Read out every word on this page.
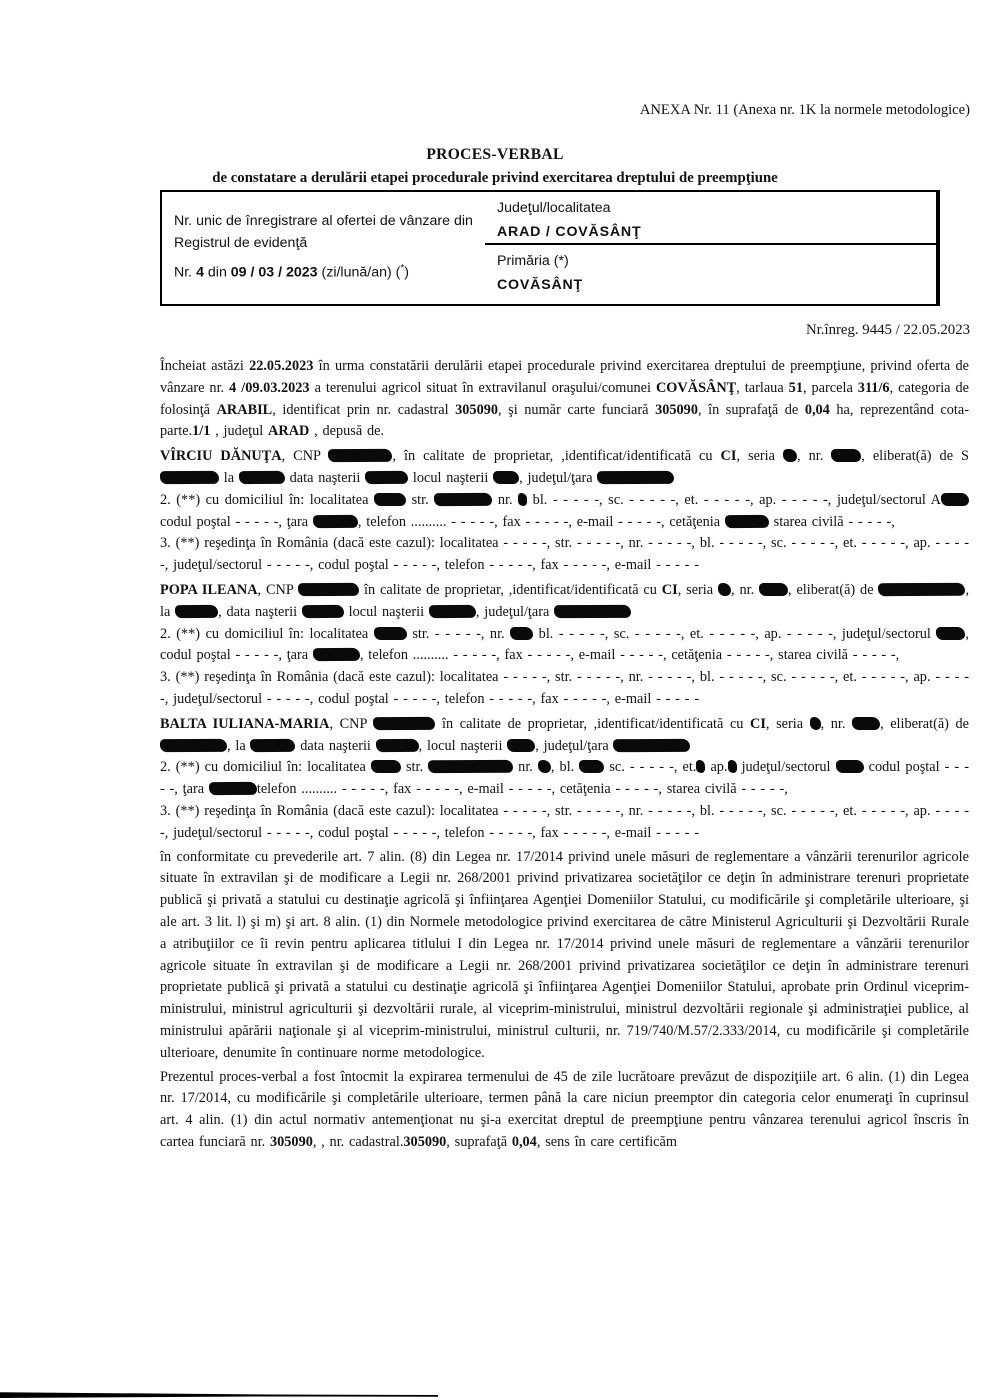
ANEXA Nr. 11 (Anexa nr. 1K la normele metodologice)
PROCES-VERBAL
de constatare a derulării etapei procedurale privind exercitarea dreptului de preempţiune
Judeţul/localitatea
ARAD / COVĂSÂNŢ
Nr. unic de înregistrare al ofertei de vânzare din Registrul de evidenţă
Nr. 4 din 09 / 03 / 2023 (zi/lună/an) (*)
Primăria (*)
COVĂSÂNŢ
Nr.înreg. 9445 / 22.05.2023

Încheiat astăzi 22.05.2023 în urma constatării derulării etapei procedurale privind exercitarea dreptului de preempţiune, privind oferta de vânzare nr. 4 /09.03.2023 a terenului agricol situat în extravilanul oraşului/comunei COVĂSÂNŢ, tarlaua 51, parcela 311/6, categoria de folosinţă ARABIL, identificat prin nr. cadastral 305090, şi număr carte funciară 305090, în suprafaţă de 0,04 ha, reprezentând cota-parte.1/1 , judeţul ARAD , depusă de.

VÎRCIU DĂNUŢA, CNP	, în calitate de proprietar, ,identificat/identificată cu CI, seria , nr. , eliberat(ă) de S la	data naşterii	locul naşterii , judeţul/ţara

2. (**) cu domiciliul în: localitatea  str.	nr.  bl. - - - - -, sc. - - - - -, et. - - - - -, ap. - - - - -, judeţul/sectorul A codul poştal - - - - -, ţara	, telefon .......... - - - - -, fax - - - - -, e-mail - - - - -, cetăţenia	starea civilă - - - - -,

3. (**) reşedinţa în România (dacă este cazul): localitatea - - - - -, str. - - - - -, nr. - - - - -, bl. - - - - -, sc. - - - - -, et. - - - - -, ap. - - - - -, judeţul/sectorul - - - - -, codul poştal - - - - -, telefon - - - - -, fax - - - - -, e-mail - - - - -

POPA ILEANA, CNP	în calitate de proprietar, ,identificat/identificată cu CI, seria , nr. , eliberat(ă) de	, la	, data naşterii	locul naşterii	, judeţul/ţara

2. (**) cu domiciliul în: localitatea  str. - - - - -, nr.  bl. - - - - -, sc. - - - - -, et. - - - - -, ap. - - - - -, judeţul/sectorul , codul poştal - - - - -, ţara	, telefon .......... - - - - -, fax - - - - -, e-mail - - - - -, cetăţenia - - - - -, starea civilă - - - - -,

3. (**) reşedinţa în România (dacă este cazul): localitatea - - - - -, str. - - - - -, nr. - - - - -, bl. - - - - -, sc. - - - - -, et. - - - - -, ap. - - - - -, judeţul/sectorul - - - - -, codul poştal - - - - -, telefon - - - - -, fax - - - - -, e-mail - - - - -

BALTA IULIANA-MARIA, CNP	în calitate de proprietar, ,identificat/identificată cu CI, seria , nr. , eliberat(ă) de , la	data naşterii	, locul naşterii , judeţul/ţara

2. (**) cu domiciliul în: localitatea  str.	nr. , bl.  sc. - - - - -, et. ap. judeţul/sectorul  codul poştal - - - - -, ţara	telefon .......... - - - - -, fax - - - - -, e-mail - - - - -, cetăţenia - - - - -, starea civilă - - - - -,

3. (**) reşedinţa în România (dacă este cazul): localitatea - - - - -, str. - - - - -, nr. - - - - -, bl. - - - - -, sc. - - - - -, et. - - - - -, ap. - - - - -, judeţul/sectorul - - - - -, codul poştal - - - - -, telefon - - - - -, fax - - - - -, e-mail - - - - -

în conformitate cu prevederile art. 7 alin. (8) din Legea nr. 17/2014 privind unele măsuri de reglementare a vânzării terenurilor agricole situate în extravilan şi de modificare a Legii nr. 268/2001 privind privatizarea societăţilor ce deţin în administrare terenuri proprietate publică şi privată a statului cu destinaţie agricolă şi înfiinţarea Agenţiei Domeniilor Statului, cu modificările şi completările ulterioare, şi ale art. 3 lit. l) şi m) şi art. 8 alin. (1) din Normele metodologice privind exercitarea de către Ministerul Agriculturii şi Dezvoltării Rurale a atribuţiilor ce îi revin pentru aplicarea titlului I din Legea nr. 17/2014 privind unele măsuri de reglementare a vânzării terenurilor agricole situate în extravilan şi de modificare a Legii nr. 268/2001 privind privatizarea societăţilor ce deţin în administrare terenuri proprietate publică şi privată a statului cu destinaţie agricolă şi înfiinţarea Agenţiei Domeniilor Statului, aprobate prin Ordinul viceprim-ministrului, ministrul agriculturii şi dezvoltării rurale, al viceprim-ministrului, ministrul dezvoltării regionale şi administraţiei publice, al ministrului apărării naţionale şi al viceprim-ministrului, ministrul culturii, nr. 719/740/M.57/2.333/2014, cu modificările şi completările ulterioare, denumite în continuare norme metodologice.

Prezentul proces-verbal a fost întocmit la expirarea termenului de 45 de zile lucrătoare prevăzut de dispoziţiile art. 6 alin. (1) din Legea nr. 17/2014, cu modificările şi completările ulterioare, termen până la care niciun preemptor din categoria celor enumeraţi în cuprinsul art. 4 alin. (1) din actul normativ antemenţionat nu şi-a exercitat dreptul de preempţiune pentru vânzarea terenului agricol înscris în cartea funciară nr. 305090, , nr. cadastral.305090, suprafaţă 0,04, sens în care certificăm
